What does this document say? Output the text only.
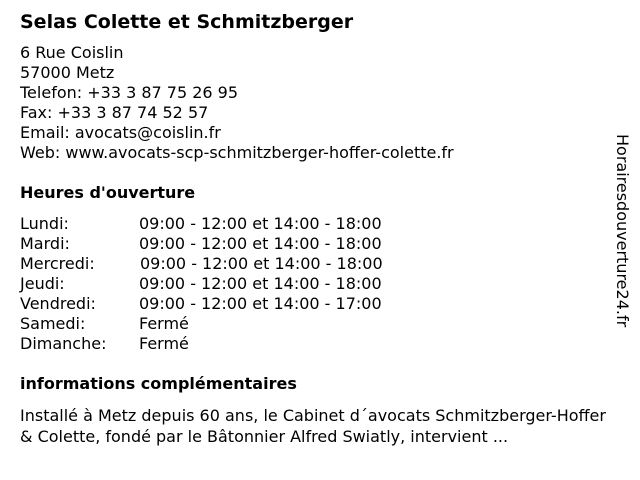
Selas Colette et Schmitzberger
6 Rue Coislin
57000 Metz
Telefon: +33 3 87 75 26 95
Fax: +33 3 87 74 52 57
Email: avocats@coislin.fr
Web: www.avocats-scp-schmitzberger-hoffer-colette.fr
Heures d'ouverture
Lundi:	09:00 - 12:00 et 14:00 - 18:00
Mardi:	09:00 - 12:00 et 14:00 - 18:00
Mercredi:	09:00 - 12:00 et 14:00 - 18:00
Jeudi:	09:00 - 12:00 et 14:00 - 18:00
Vendredi:	09:00 - 12:00 et 14:00 - 17:00
Samedi:	Fermé
Dimanche: Fermé
informations complémentaires
Installé à Metz depuis 60 ans, le Cabinet d´avocats Schmitzberger-Hoffer & Colette, fondé par le Bâtonnier Alfred Swiatly, intervient ...
Horairesdouverture24.fr
